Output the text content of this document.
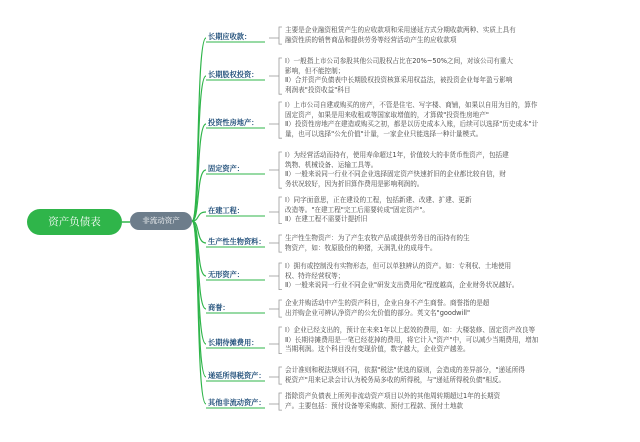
资产负债表	非流动资产
长期应收款：
长期股权投资：
投资性房地产：
固定资产：
在建工程：
生产性生物资料：
无形资产：
商誉：
长期待摊费用：
递延所得税资产：
其他非流动资产：
主要是企业融资租赁产生的应收款项和采用递延方式分期收款两种、实质上具有
融资性质的销售商品和提供劳务等经营活动产生的应收款项
Ⅰ）一般指上市公司参股其他公司股权占比在20%~50%之间，对该公司有重大
影响，但不能控制；
Ⅱ）合并资产负债表中长期股权投资核算采用权益法，被投资企业每年盈亏影响
利润表"投资收益"科目
Ⅰ）上市公司自建或购买的房产，不管是住宅、写字楼、商铺，如果以自用为目的，算作
固定资产，如果是用来收租或等国家取增值的，才算做"投资性房地产"
Ⅱ）投资性房地产在建造或购买之初，都是以历史成本入账，后续可以选择"历史成本"计
量，也可以选择"公允价值"计量，一家企业只能选择一种计量模式。
Ⅰ）为经营活动而持有，使用寿命超过1年，价值较大的非货币性资产，包括建
筑物、机械设备、运输工具等。
Ⅱ）一般来说同一行业不同企业选择固定资产快速折旧的企业都比较自信，财
务状况较好，因为折旧算作费用是影响利润的。
Ⅰ）同字面意思，正在建设的工程，包括新建、改建、扩建、更新
改造等。"在建工程"完工后需要转成"固定资产"。
Ⅱ）在建工程不需要计提折旧
生产性生物资产：为了产生农牧产品或提供劳务目的而持有的生
物资产，如：牧原股份的种猪，天润乳业的成母牛。
Ⅰ）拥有或控制没有实物形态，但可以单独辨认的资产。如：专利权、土地使用
权、特许经营权等；
Ⅱ）一般来说同一行业不同企业"研发支出费用化"程度越高，企业财务状况越好。
企业并购活动中产生的资产科目，企业自身不产生商誉。商誉指的是超
出并购企业可辨认净资产的公允价值的部分。英文名"goodwill"
Ⅰ）企业已经支出的，预计在未来1年以上起效的费用，如：大楼装修、固定资产改良等
Ⅱ）长期待摊费用是一笔已经花掉的费用，将它计入"资产"中，可以减少当期费用，增加
当期利润。这个科目没有变现价值，数字越大，企业资产越差。
会计准则和税法规则不同，依据"税法"优选的原则，会造成的差异部分，"递延所得
税资产"用来记录会计认为税务局多收的所得税，与"递延所得税负债"相反。
指除资产负债表上所列非流动资产项目以外的其他周转期超过1年的长期资
产。主要包括：预付设备等采购款、预付工程款、预付土地款
